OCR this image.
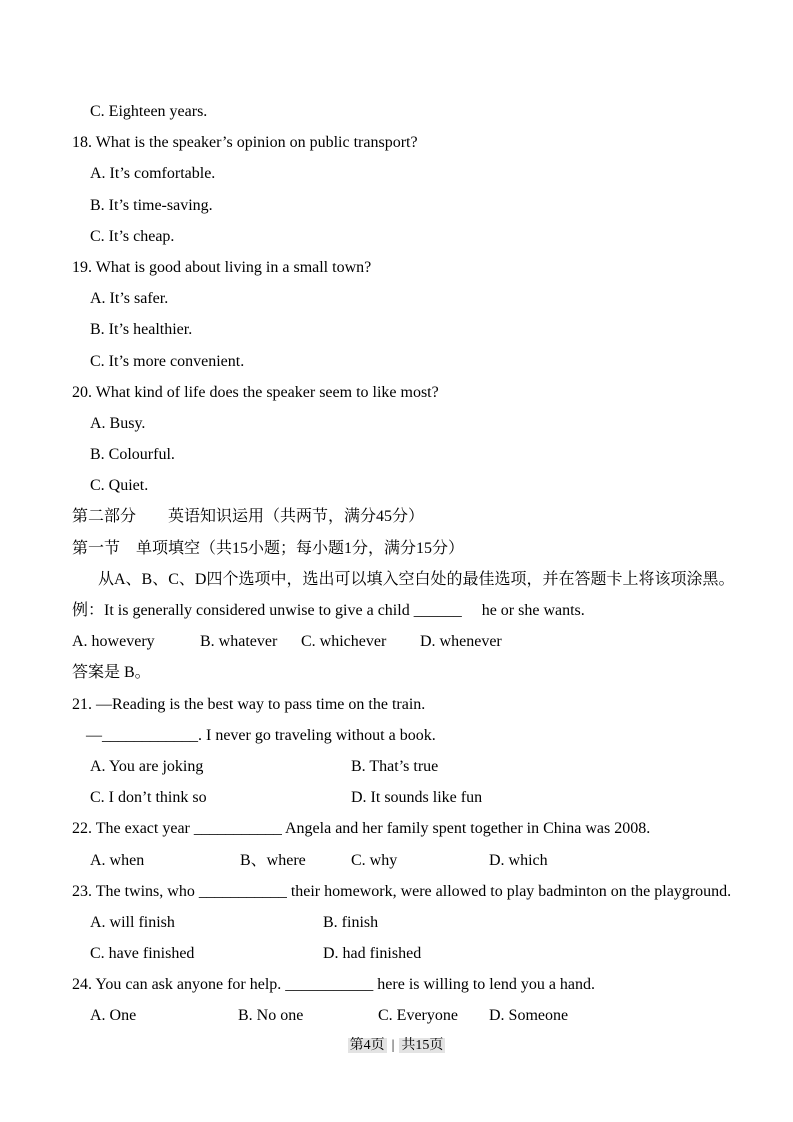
C. Eighteen years.
18. What is the speaker’s opinion on public transport?
A. It’s comfortable.
B. It’s time-saving.
C. It’s cheap.
19. What is good about living in a small town?
A. It’s safer.
B. It’s healthier.
C. It’s more convenient.
20. What kind of life does the speaker seem to like most?
A. Busy.
B. Colourful.
C. Quiet.
第二部分　　英语知识运用（共两节，满分45分）
第一节　单项填空（共15小题；每小题1分，满分15分）
从A、B、C、D四个选项中，选出可以填入空白处的最佳选项，并在答题卡上将该项涂黑。
例：It is generally considered unwise to give a child ______　 he or she wants.

A. howevery

	B. whatever

C. whichever

D. whenever

答案是 B。
21. —Reading is the best way to pass time on the train.
—____________. I never go traveling without a book.

A. You are joking

	B. That’s true

C. I don’t think so

	D. It sounds like fun

22. The exact year ___________ Angela and her family spent together in China was 2008.

A. when

	B、where

	C. why

	D. which

23. The twins, who ___________ their homework, were allowed to play badminton on the playground.

A. will finish

	B. finish

C. have finished

	D. had finished

24. You can ask anyone for help. ___________ here is willing to lend you a hand.

A. One

	B. No one

	C. Everyone

D. Someone

第4页 | 共15页
